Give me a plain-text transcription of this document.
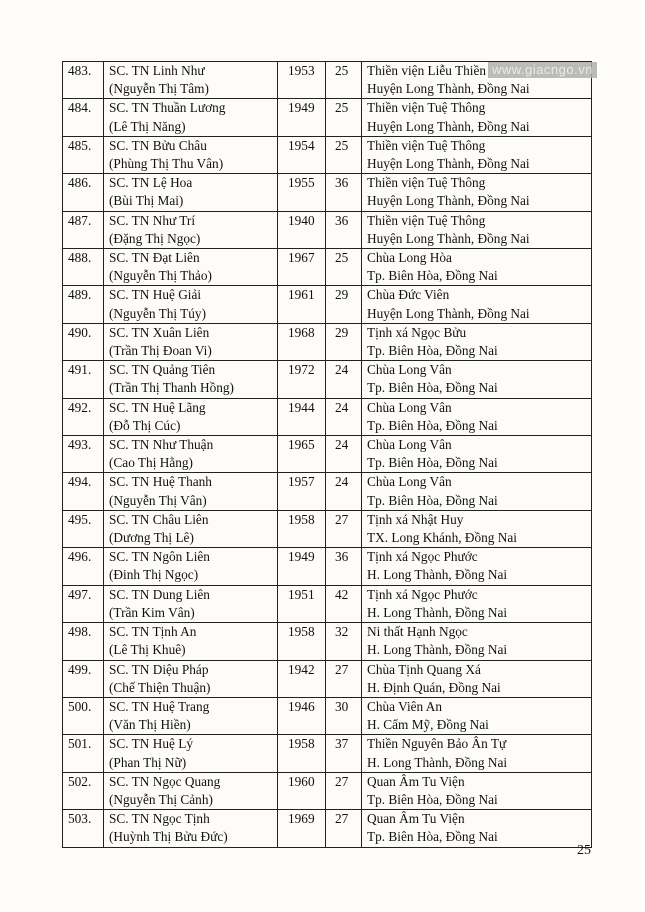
483.	SC. TN Linh Như
(Nguyễn Thị Tâm)	1953	25	Thiền viện Liễu Thiền
Huyện Long Thành, Đồng Nai

484.	SC. TN Thuần Lương
(Lê Thị Năng)	1949	25	Thiền viện Tuệ Thông
Huyện Long Thành, Đồng Nai

485.	SC. TN Bửu Châu
(Phùng Thị Thu Vân)	1954	25	Thiền viện Tuệ Thông
Huyện Long Thành, Đồng Nai

486.	SC. TN Lệ Hoa
(Bùi Thị Mai)	1955	36	Thiền viện Tuệ Thông
Huyện Long Thành, Đồng Nai

487.	SC. TN Như Trí
(Đặng Thị Ngọc)	1940	36	Thiền viện Tuệ Thông
Huyện Long Thành, Đồng Nai

488.	SC. TN Đạt Liên
(Nguyễn Thị Thảo)	1967	25	Chùa Long Hòa
Tp. Biên Hòa, Đồng Nai

489.	SC. TN Huệ Giải
(Nguyễn Thị Túy)	1961	29	Chùa Đức Viên
Huyện Long Thành, Đồng Nai

490.	SC. TN Xuân Liên
(Trần Thị Đoan Vi)	1968	29	Tịnh xá Ngọc Bửu
Tp. Biên Hòa, Đồng Nai

491.	SC. TN Quảng Tiên
(Trần Thị Thanh Hồng)	1972	24	Chùa Long Vân
Tp. Biên Hòa, Đồng Nai

492.	SC. TN Huệ Lãng
(Đỗ Thị Cúc)	1944	24	Chùa Long Vân
Tp. Biên Hòa, Đồng Nai

493.	SC. TN Như Thuận
(Cao Thị Hằng)	1965	24	Chùa Long Vân
Tp. Biên Hòa, Đồng Nai

494.	SC. TN Huệ Thanh
(Nguyễn Thị Vân)	1957	24	Chùa Long Vân
Tp. Biên Hòa, Đồng Nai

495.	SC. TN Châu Liên
(Dương Thị Lê)	1958	27	Tịnh xá Nhật Huy
TX. Long Khánh, Đồng Nai

496.	SC. TN Ngôn Liên
(Đinh Thị Ngọc)	1949	36	Tịnh xá Ngọc Phước
H. Long Thành, Đồng Nai

497.	SC. TN Dung Liên
(Trần Kim Vân)	1951	42	Tịnh xá Ngọc Phước
H. Long Thành, Đồng Nai

498.	SC. TN Tịnh An
(Lê Thị Khuê)	1958	32	Ni thất Hạnh Ngọc
H. Long Thành, Đồng Nai

499.	SC. TN Diệu Pháp
(Chế Thiện Thuận)	1942	27	Chùa Tịnh Quang Xá
H. Định Quán, Đồng Nai

500.	SC. TN Huệ Trang
(Văn Thị Hiền)	1946	30	Chùa Viên An
H. Cẩm Mỹ, Đồng Nai

501.	SC. TN Huệ Lý
(Phan Thị Nữ)	1958	37	Thiền Nguyên Bảo Ân Tự
H. Long Thành, Đồng Nai

502.	SC. TN Ngọc Quang
(Nguyễn Thị Cảnh)	1960	27	Quan Âm Tu Viện
Tp. Biên Hòa, Đồng Nai

503.	SC. TN Ngọc Tịnh
(Huỳnh Thị Bửu Đức)	1969	27	Quan Âm Tu Viện
Tp. Biên Hòa, Đồng Nai
www.giacngo.vn
25
